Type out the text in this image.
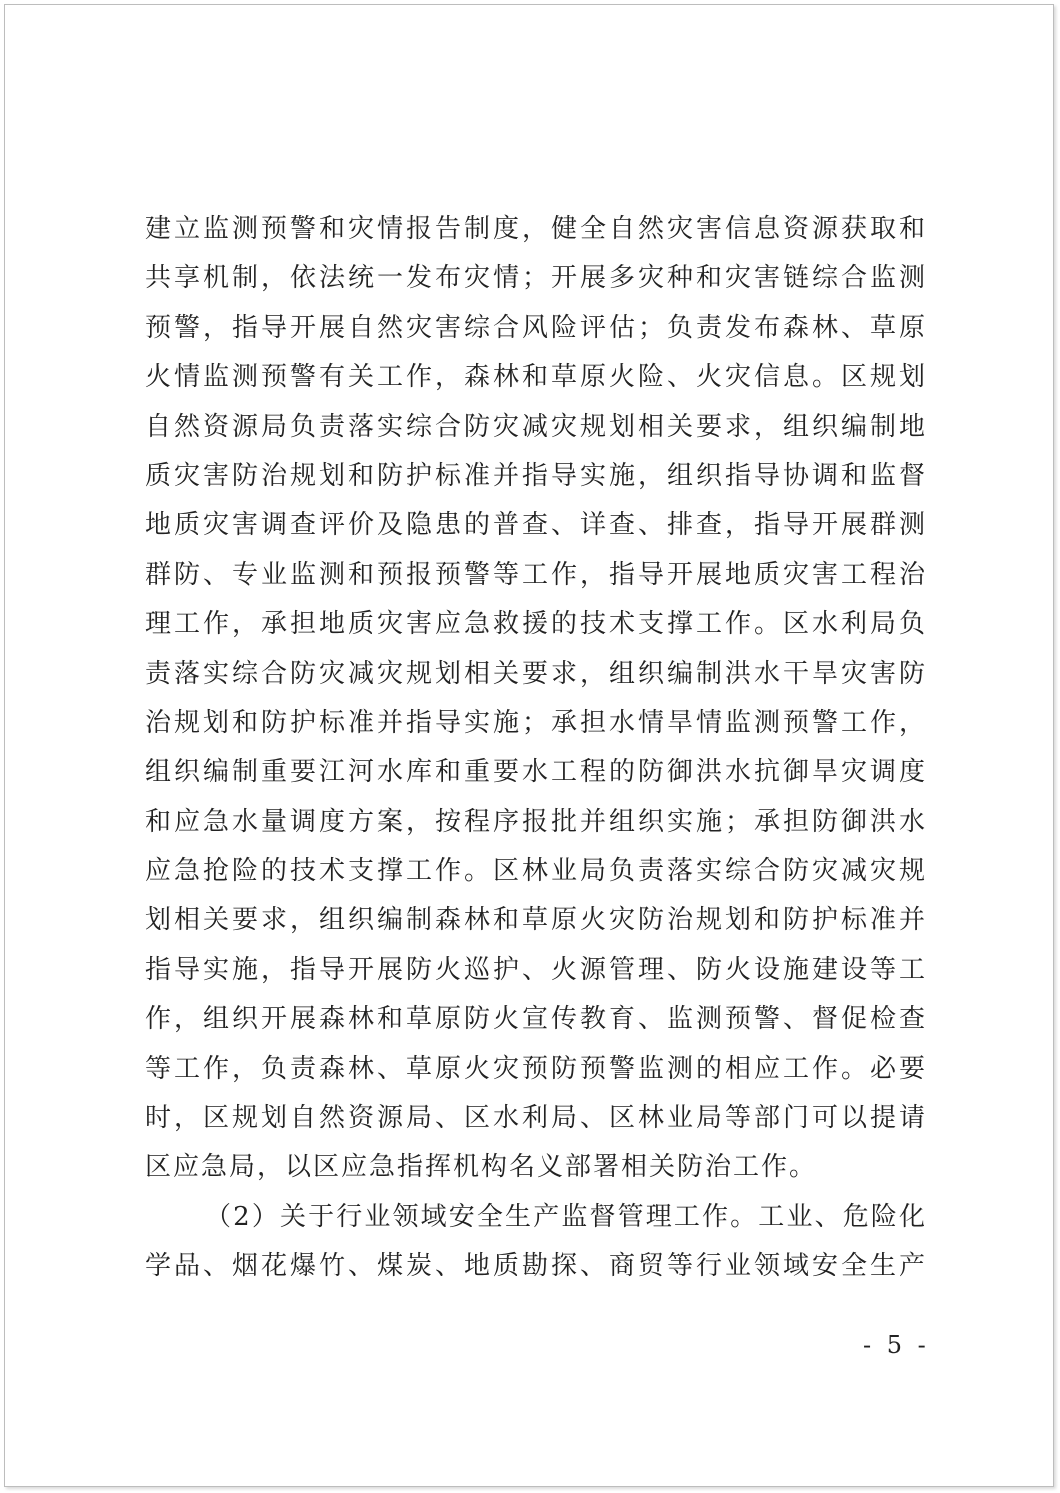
建立监测预警和灾情报告制度，健全自然灾害信息资源获取和
共享机制，依法统一发布灾情；开展多灾种和灾害链综合监测
预警，指导开展自然灾害综合风险评估；负责发布森林、草原
火情监测预警有关工作，森林和草原火险、火灾信息。区规划
自然资源局负责落实综合防灾减灾规划相关要求，组织编制地
质灾害防治规划和防护标准并指导实施，组织指导协调和监督
地质灾害调查评价及隐患的普查、详查、排查，指导开展群测
群防、专业监测和预报预警等工作，指导开展地质灾害工程治
理工作，承担地质灾害应急救援的技术支撑工作。区水利局负
责落实综合防灾减灾规划相关要求，组织编制洪水干旱灾害防
治规划和防护标准并指导实施；承担水情旱情监测预警工作，
组织编制重要江河水库和重要水工程的防御洪水抗御旱灾调度
和应急水量调度方案，按程序报批并组织实施；承担防御洪水
应急抢险的技术支撑工作。区林业局负责落实综合防灾减灾规
划相关要求，组织编制森林和草原火灾防治规划和防护标准并
指导实施，指导开展防火巡护、火源管理、防火设施建设等工
作，组织开展森林和草原防火宣传教育、监测预警、督促检查
等工作，负责森林、草原火灾预防预警监测的相应工作。必要
时，区规划自然资源局、区水利局、区林业局等部门可以提请
区应急局，以区应急指挥机构名义部署相关防治工作。
（2）关于行业领域安全生产监督管理工作。工业、危险化
学品、烟花爆竹、煤炭、地质勘探、商贸等行业领域安全生产
- 5 -
